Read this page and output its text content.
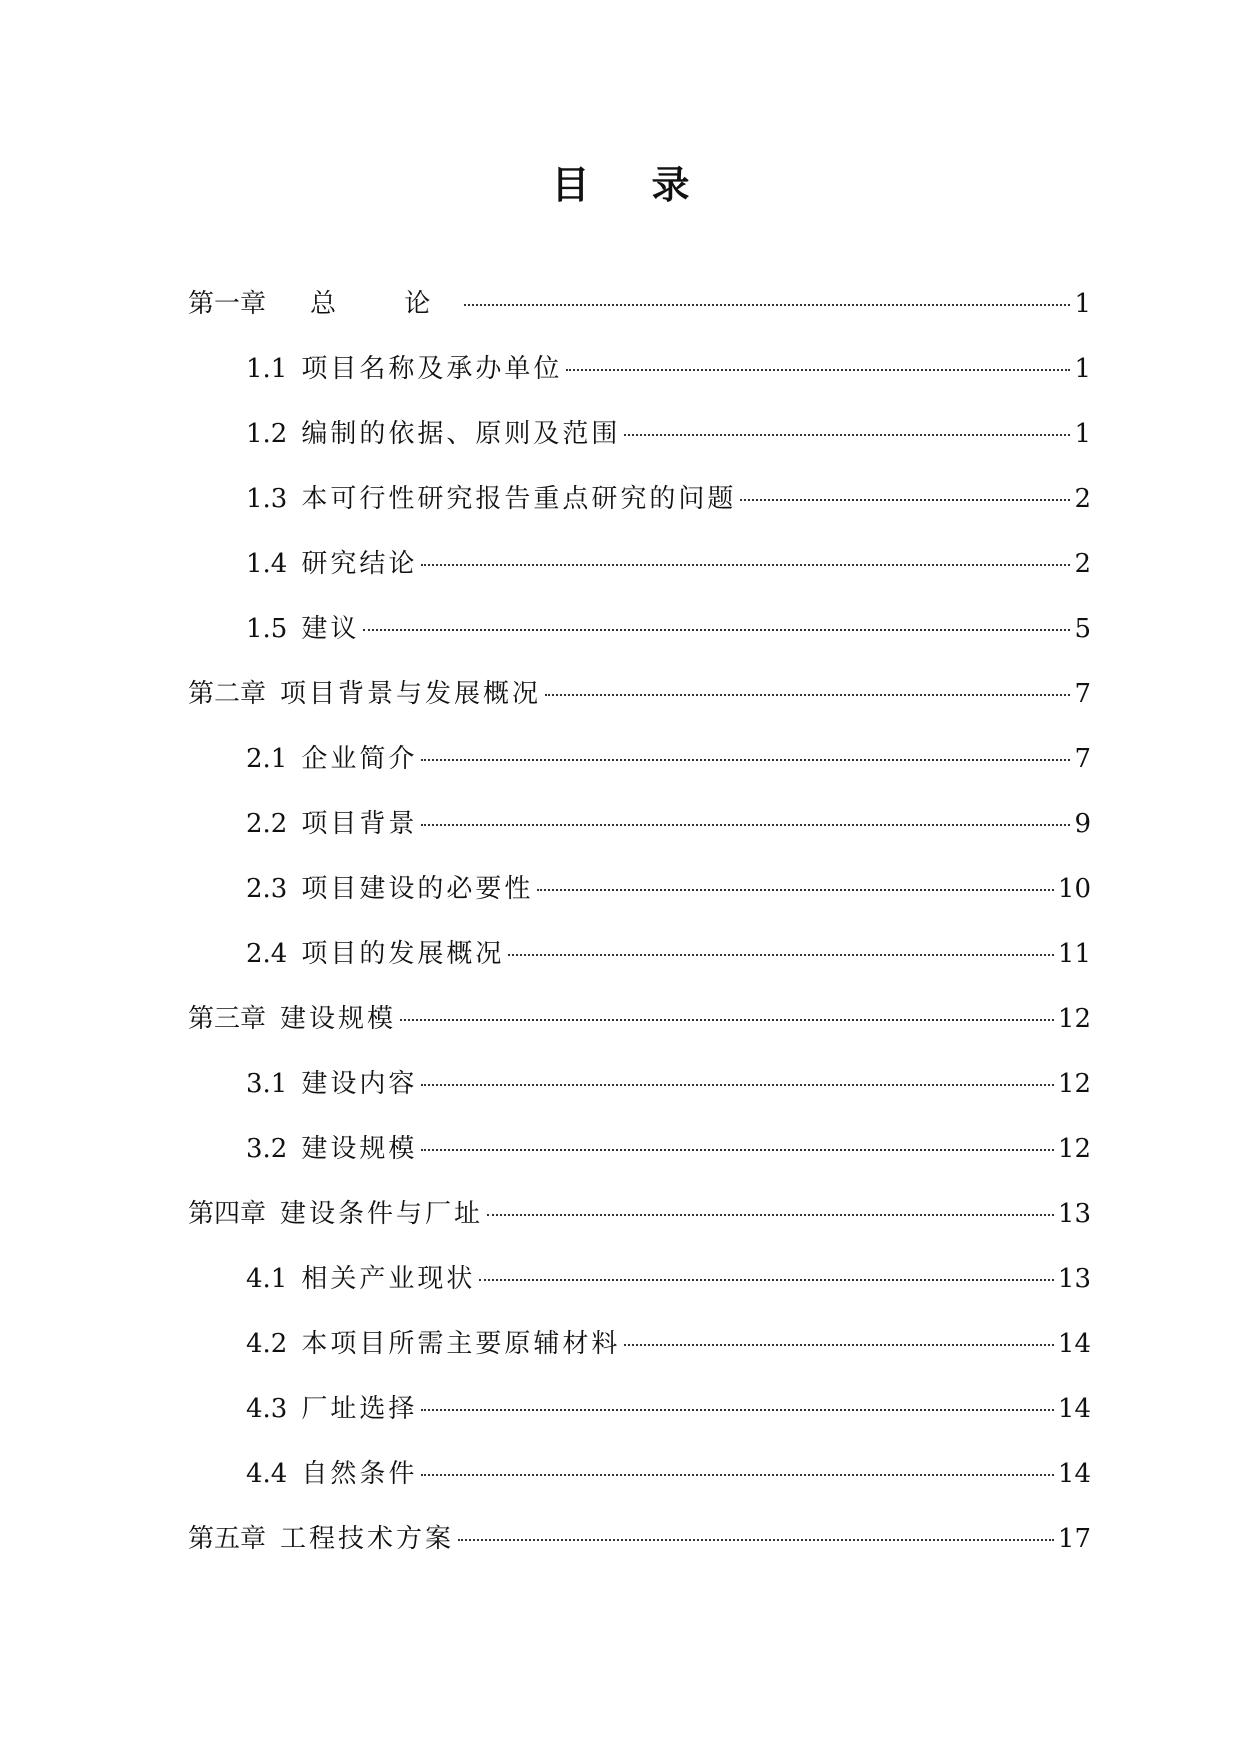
目 录
第一章 总 论	1
1.1 项目名称及承办单位	1
1.2 编制的依据、原则及范围	1
1.3 本可行性研究报告重点研究的问题	2
1.4 研究结论	2
1.5 建议	5
第二章 项目背景与发展概况	7
2.1 企业简介	7
2.2 项目背景	9
2.3 项目建设的必要性	10
2.4 项目的发展概况	11
第三章 建设规模	12
3.1 建设内容	12
3.2 建设规模	12
第四章 建设条件与厂址	13
4.1 相关产业现状	13
4.2 本项目所需主要原辅材料	14
4.3 厂址选择	14
4.4 自然条件	14
第五章 工程技术方案	17
